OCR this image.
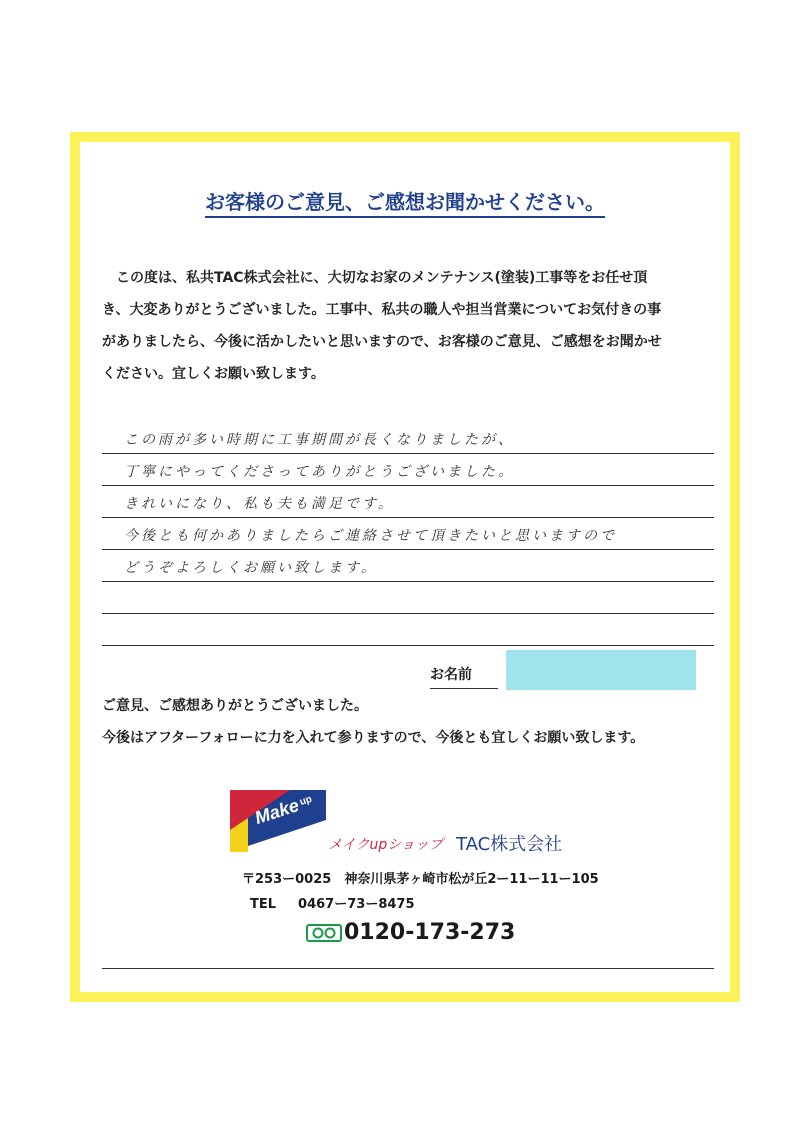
お客様のご意見、ご感想お聞かせください。
この度は、私共TAC株式会社に、大切なお家のメンテナンス(塗装)工事等をお任せ頂
き、大変ありがとうございました。工事中、私共の職人や担当営業についてお気付きの事
がありましたら、今後に活かしたいと思いますので、お客様のご意見、ご感想をお聞かせ
ください。宜しくお願い致します。
この雨が多い時期に工事期間が長くなりましたが、
丁寧にやってくださってありがとうございました。
きれいになり、私も夫も満足です。
今後とも何かありましたらご連絡させて頂きたいと思いますので
どうぞよろしくお願い致します。
お名前
ご意見、ご感想ありがとうございました。
今後はアフターフォローに力を入れて参りますので、今後とも宜しくお願い致します。
Make
up
SHOP メイクupショップ TAC株式会社
〒253ー0025　神奈川県茅ヶ崎市松が丘2ー11ー11ー105
TEL 0467ー73ー8475
0120-173-273
